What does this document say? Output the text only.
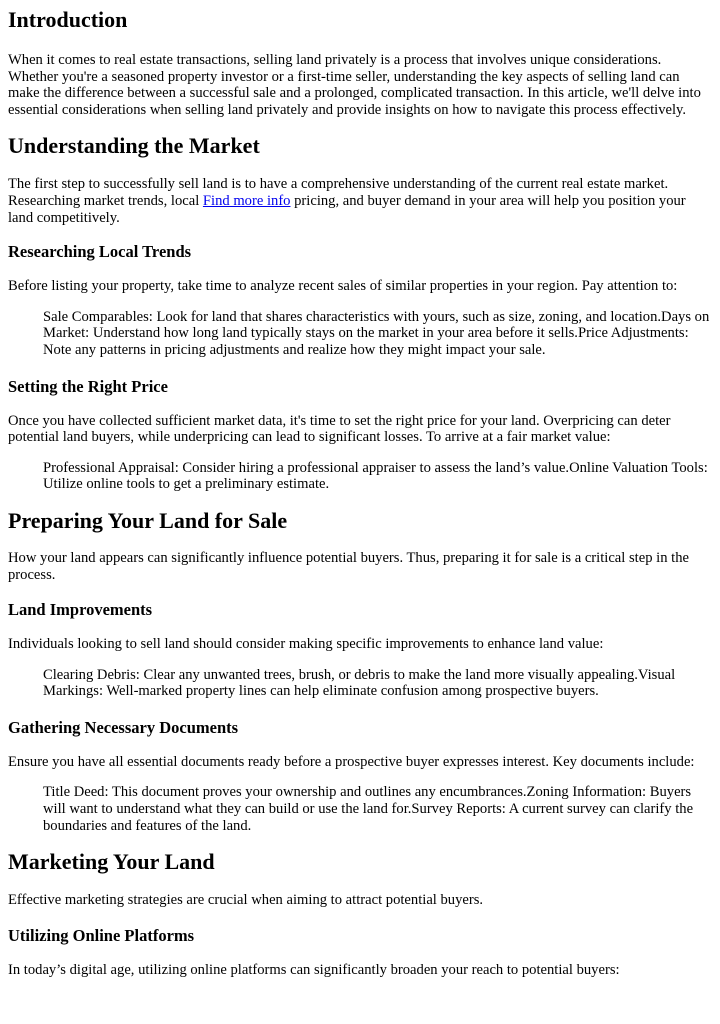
Introduction

When it comes to real estate transactions, selling land privately is a process that involves unique considerations. Whether you're a seasoned property investor or a first-time seller, understanding the key aspects of selling land can make the difference between a successful sale and a prolonged, complicated transaction. In this article, we'll delve into essential considerations when selling land privately and provide insights on how to navigate this process effectively.

Understanding the Market

The first step to successfully sell land is to have a comprehensive understanding of the current real estate market. Researching market trends, local Find more info pricing, and buyer demand in your area will help you position your land competitively.

Researching Local Trends

Before listing your property, take time to analyze recent sales of similar properties in your region. Pay attention to:

Sale Comparables: Look for land that shares characteristics with yours, such as size, zoning, and location.Days on Market: Understand how long land typically stays on the market in your area before it sells.Price Adjustments: Note any patterns in pricing adjustments and realize how they might impact your sale.

Setting the Right Price

Once you have collected sufficient market data, it's time to set the right price for your land. Overpricing can deter potential land buyers, while underpricing can lead to significant losses. To arrive at a fair market value:

Professional Appraisal: Consider hiring a professional appraiser to assess the land’s value.Online Valuation Tools: Utilize online tools to get a preliminary estimate.

Preparing Your Land for Sale

How your land appears can significantly influence potential buyers. Thus, preparing it for sale is a critical step in the process.

Land Improvements

Individuals looking to sell land should consider making specific improvements to enhance land value:

Clearing Debris: Clear any unwanted trees, brush, or debris to make the land more visually appealing.Visual Markings: Well-marked property lines can help eliminate confusion among prospective buyers.

Gathering Necessary Documents

Ensure you have all essential documents ready before a prospective buyer expresses interest. Key documents include:

Title Deed: This document proves your ownership and outlines any encumbrances.Zoning Information: Buyers will want to understand what they can build or use the land for.Survey Reports: A current survey can clarify the boundaries and features of the land.

Marketing Your Land

Effective marketing strategies are crucial when aiming to attract potential buyers.

Utilizing Online Platforms

In today’s digital age, utilizing online platforms can significantly broaden your reach to potential buyers:
